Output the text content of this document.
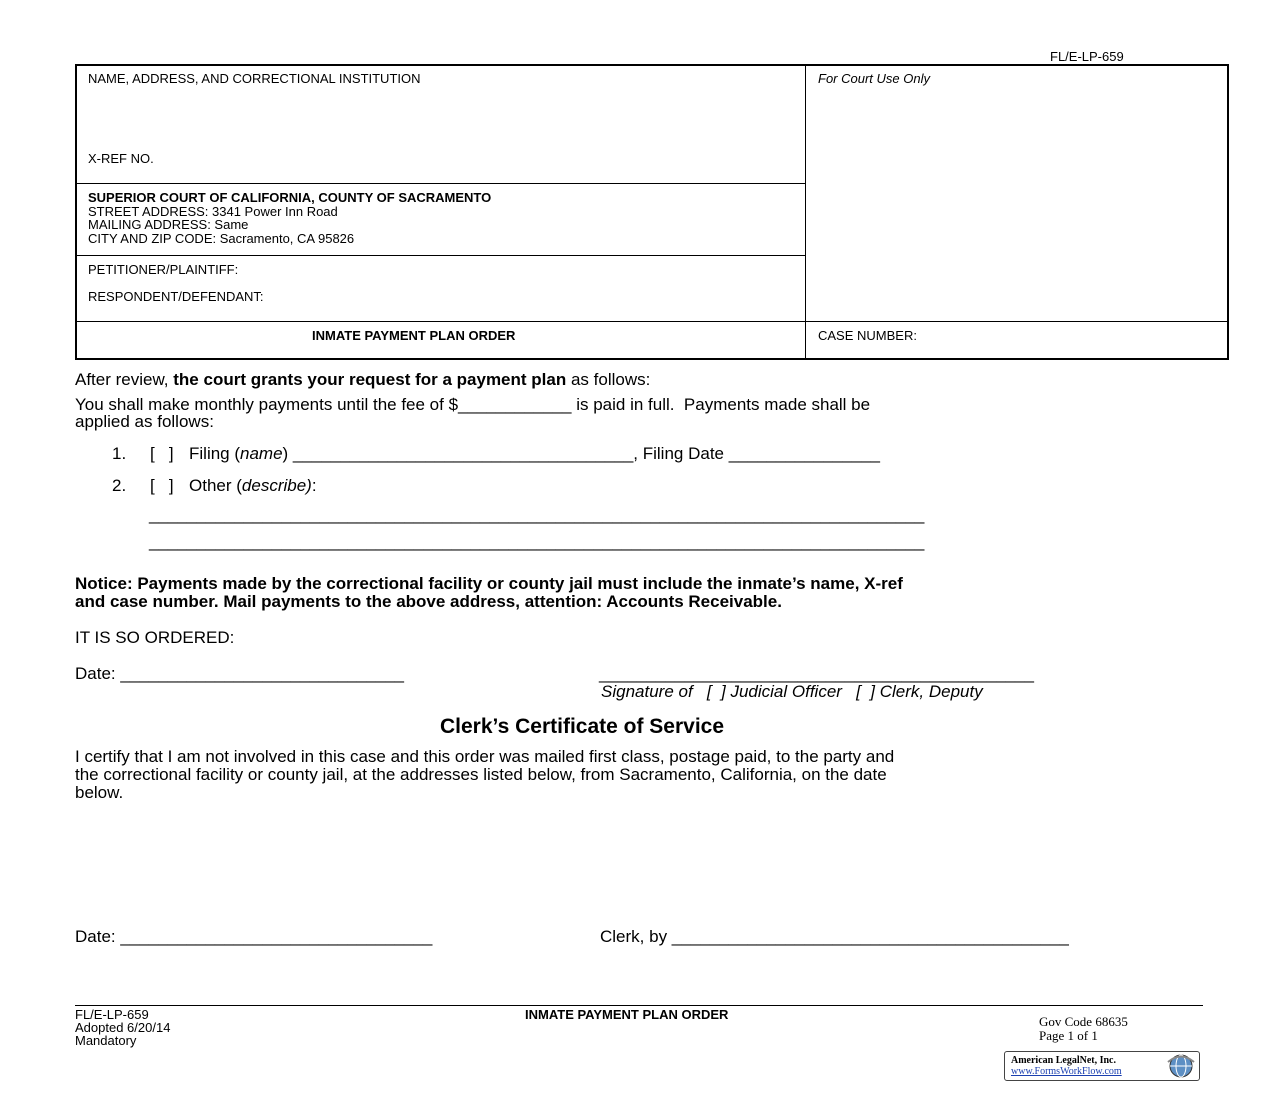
FL/E-LP-659
NAME, ADDRESS, AND CORRECTIONAL INSTITUTION
X-REF NO.
For Court Use Only
SUPERIOR COURT OF CALIFORNIA, COUNTY OF SACRAMENTO
STREET ADDRESS: 3341 Power Inn Road
MAILING ADDRESS: Same
CITY AND ZIP CODE: Sacramento, CA 95826
PETITIONER/PLAINTIFF:
RESPONDENT/DEFENDANT:
INMATE PAYMENT PLAN ORDER	CASE NUMBER:
After review, the court grants your request for a payment plan as follows:
You shall make monthly payments until the fee of $____________ is paid in full.  Payments made shall be
applied as follows:
1. [   ] Filing (name) ____________________________________, Filing Date ________________
2. [   ] Other (describe):
__________________________________________________________________________________
__________________________________________________________________________________
Notice: Payments made by the correctional facility or county jail must include the inmate’s name, X-ref
and case number. Mail payments to the above address, attention: Accounts Receivable.
IT IS SO ORDERED:
Date: ______________________________	______________________________________________
Signature of   [  ] Judicial Officer   [  ] Clerk, Deputy
Clerk’s Certificate of Service
I certify that I am not involved in this case and this order was mailed first class, postage paid, to the party and
the correctional facility or county jail, at the addresses listed below, from Sacramento, California, on the date
below.
Date: _________________________________	Clerk, by __________________________________________
FL/E-LP-659
Adopted 6/20/14
Mandatory
INMATE PAYMENT PLAN ORDER	Gov Code 68635
Page 1 of 1
American LegalNet, Inc.
www.FormsWorkFlow.com
